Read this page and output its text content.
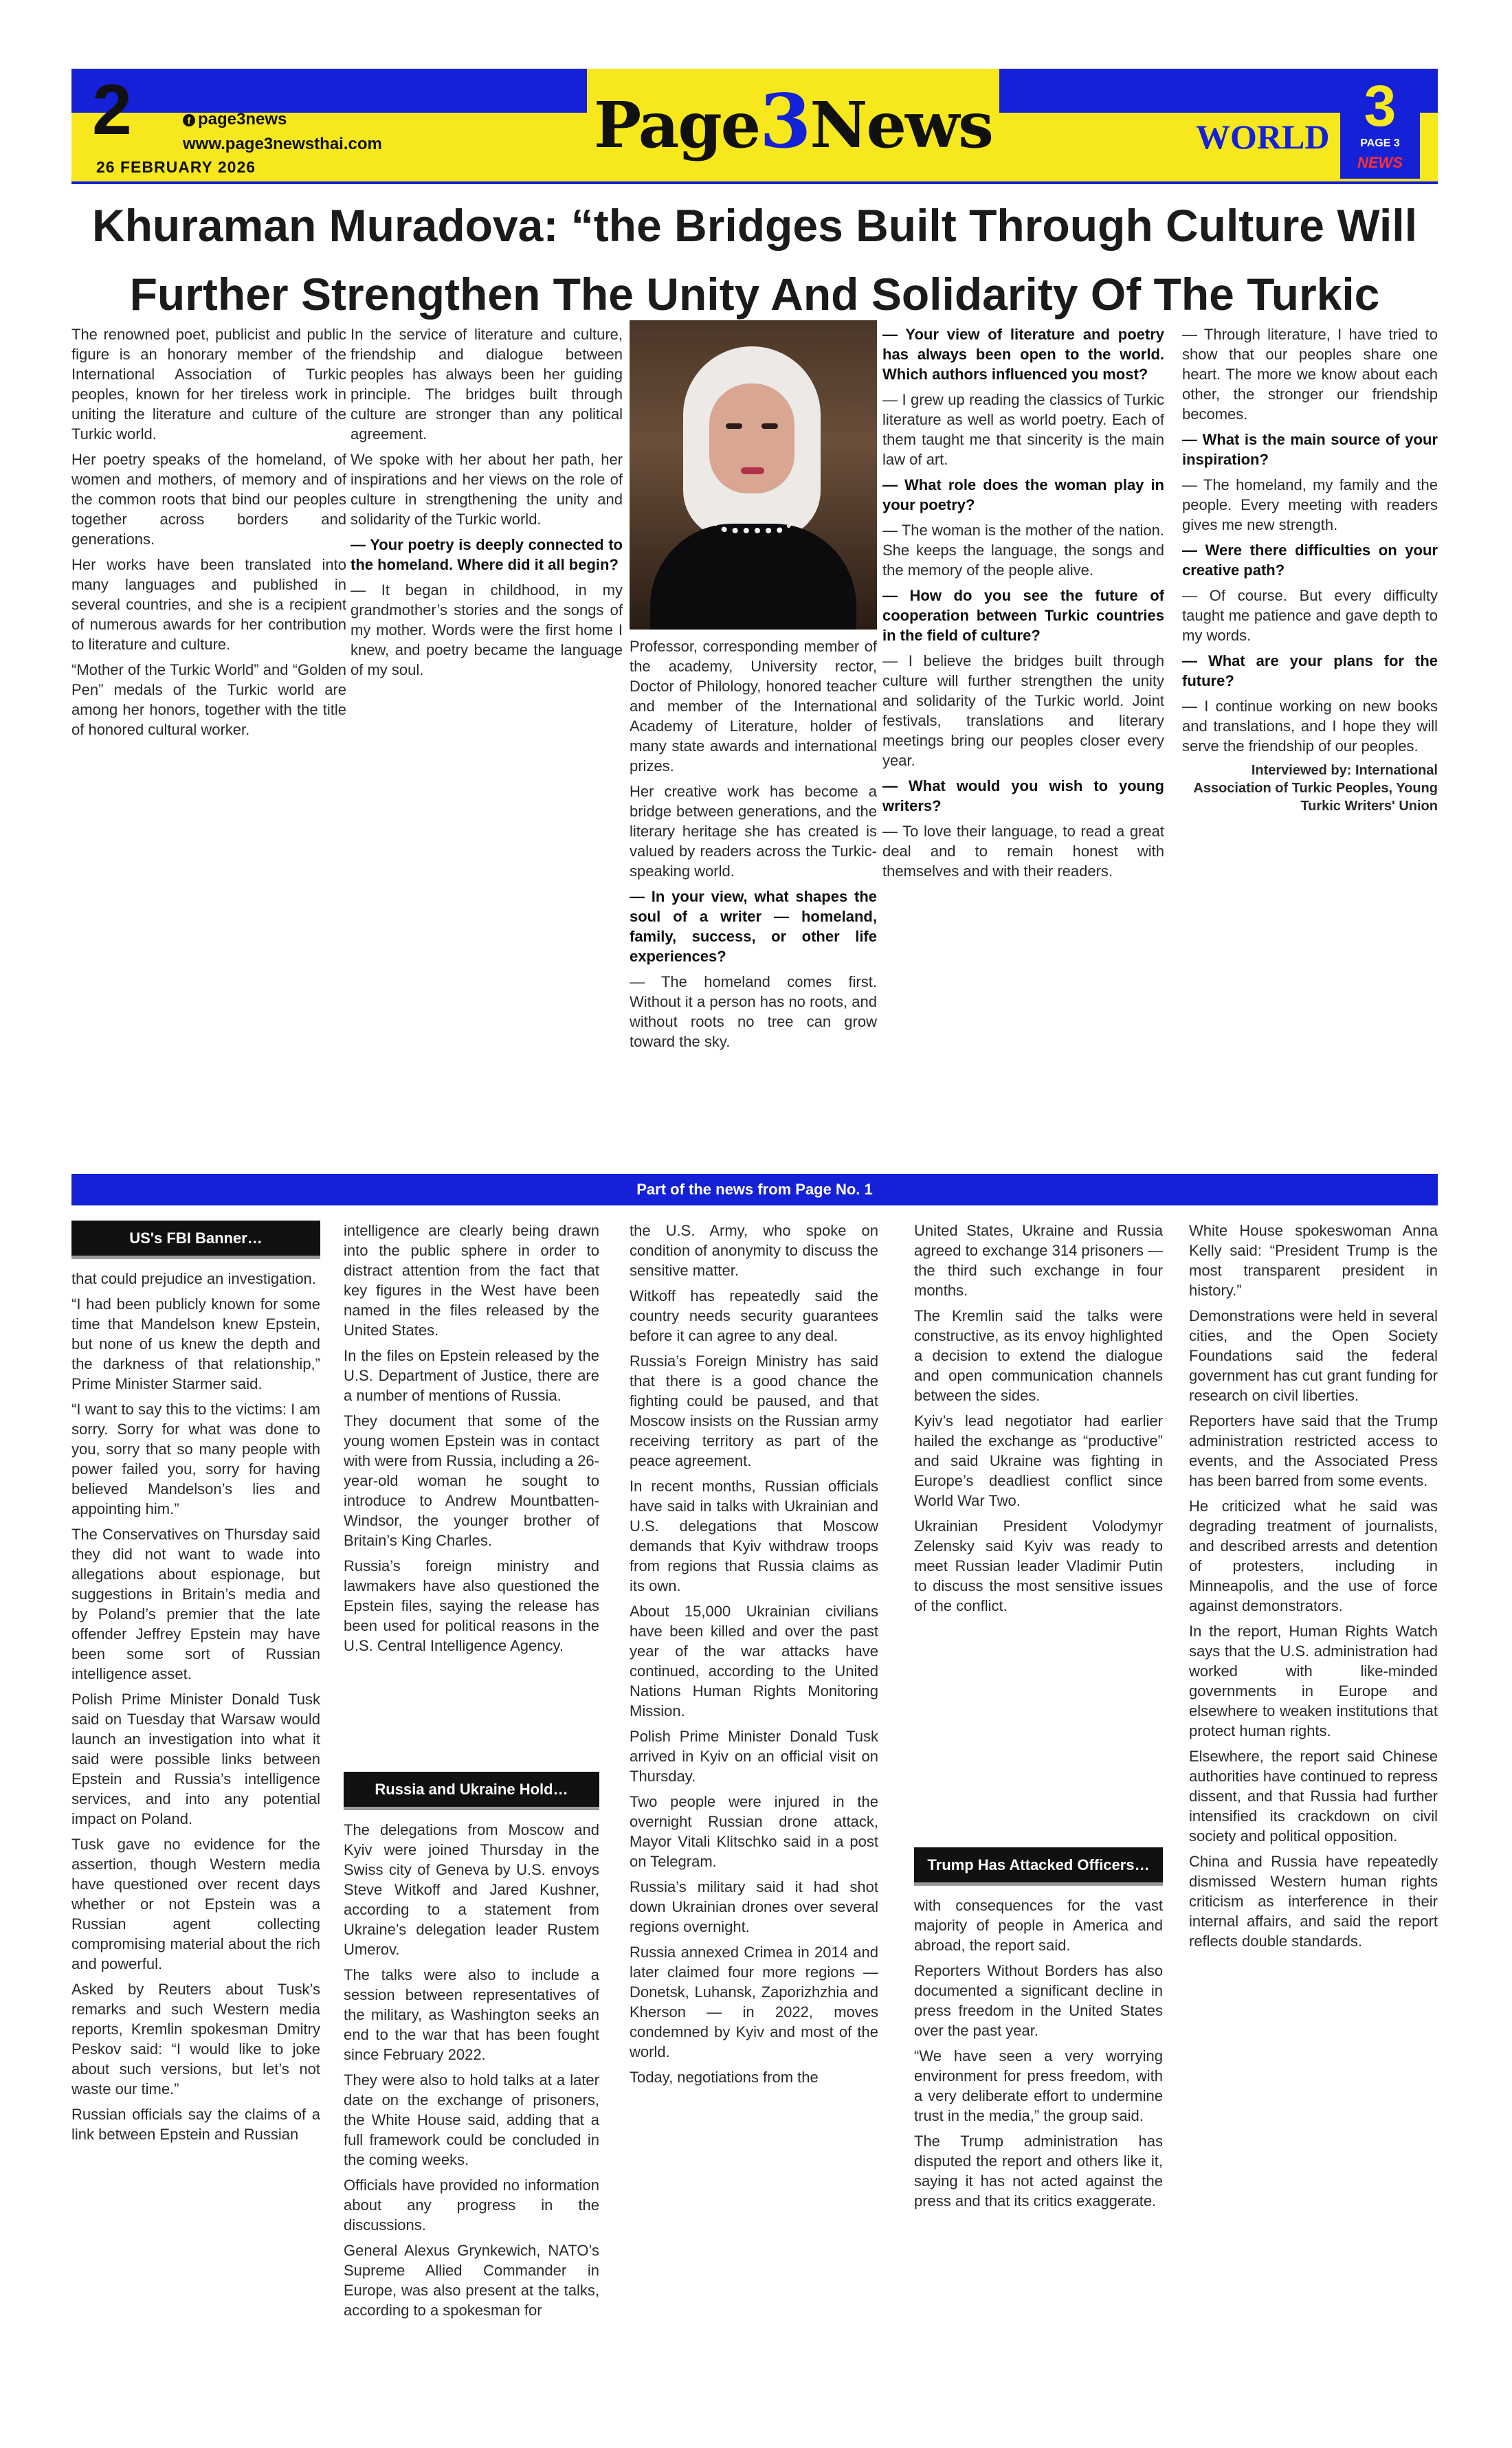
2	f page3news
www.page3newsthai.com
26 FEBRUARY 2026
Page3News	WORLD 3
PAGE 3
NEWS
Khuraman Muradova: “the Bridges Built Through Culture Will
Further Strengthen The Unity And Solidarity Of The Turkic

The renowned poet, publicist and public figure is an honorary member of the International Association of Turkic peoples, known for her tireless work in uniting the literature and culture of the Turkic world.

Her poetry speaks of the homeland, of women and mothers, of memory and of the common roots that bind our peoples together across borders and generations.

Her works have been translated into many languages and published in several countries, and she is a recipient of numerous awards for her contribution to literature and culture.

“Mother of the Turkic World” and “Golden Pen” medals of the Turkic world are among her honors, together with the title of honored cultural worker.

In the service of literature and culture, friendship and dialogue between peoples has always been her guiding principle. The bridges built through culture are stronger than any political agreement.

We spoke with her about her path, her inspirations and her views on the role of culture in strengthening the unity and solidarity of the Turkic world.

— Your poetry is deeply connected to the homeland. Where did it all begin?

— It began in childhood, in my grandmother’s stories and the songs of my mother. Words were the first home I knew, and poetry became the language of my soul.

Professor, corresponding member of the academy, University rector, Doctor of Philology, honored teacher and member of the International Academy of Literature, holder of many state awards and international prizes.

Her creative work has become a bridge between generations, and the literary heritage she has created is valued by readers across the Turkic-speaking world.

— In your view, what shapes the soul of a writer — homeland, family, success, or other life experiences?

— The homeland comes first. Without it a person has no roots, and without roots no tree can grow toward the sky.

— Your view of literature and poetry has always been open to the world. Which authors influenced you most?

— I grew up reading the classics of Turkic literature as well as world poetry. Each of them taught me that sincerity is the main law of art.

— What role does the woman play in your poetry?

— The woman is the mother of the nation. She keeps the language, the songs and the memory of the people alive.

— How do you see the future of cooperation between Turkic countries in the field of culture?

— I believe the bridges built through culture will further strengthen the unity and solidarity of the Turkic world. Joint festivals, translations and literary meetings bring our peoples closer every year.

— What would you wish to young writers?

— To love their language, to read a great deal and to remain honest with themselves and with their readers.

— Through literature, I have tried to show that our peoples share one heart. The more we know about each other, the stronger our friendship becomes.

— What is the main source of your inspiration?

— The homeland, my family and the people. Every meeting with readers gives me new strength.

— Were there difficulties on your creative path?

— Of course. But every difficulty taught me patience and gave depth to my words.

— What are your plans for the future?

— I continue working on new books and translations, and I hope they will serve the friendship of our peoples.

Interviewed by: International Association of Turkic Peoples, Young Turkic Writers' Union

Part of the news from Page No. 1
US's FBI Banner…

that could prejudice an investigation.

“I had been publicly known for some time that Mandelson knew Epstein, but none of us knew the depth and the darkness of that relationship,” Prime Minister Starmer said.

“I want to say this to the victims: I am sorry. Sorry for what was done to you, sorry that so many people with power failed you, sorry for having believed Mandelson’s lies and appointing him.”

The Conservatives on Thursday said they did not want to wade into allegations about espionage, but suggestions in Britain’s media and by Poland’s premier that the late offender Jeffrey Epstein may have been some sort of Russian intelligence asset.

Polish Prime Minister Donald Tusk said on Tuesday that Warsaw would launch an investigation into what it said were possible links between Epstein and Russia’s intelligence services, and into any potential impact on Poland.

Tusk gave no evidence for the assertion, though Western media have questioned over recent days whether or not Epstein was a Russian agent collecting compromising material about the rich and powerful.

Asked by Reuters about Tusk’s remarks and such Western media reports, Kremlin spokesman Dmitry Peskov said: “I would like to joke about such versions, but let’s not waste our time.”

Russian officials say the claims of a link between Epstein and Russian

intelligence are clearly being drawn into the public sphere in order to distract attention from the fact that key figures in the West have been named in the files released by the United States.

In the files on Epstein released by the U.S. Department of Justice, there are a number of mentions of Russia.

They document that some of the young women Epstein was in contact with were from Russia, including a 26-year-old woman he sought to introduce to Andrew Mountbatten-Windsor, the younger brother of Britain’s King Charles.

Russia’s foreign ministry and lawmakers have also questioned the Epstein files, saying the release has been used for political reasons in the U.S. Central Intelligence Agency.

Russia and Ukraine Hold…

The delegations from Moscow and Kyiv were joined Thursday in the Swiss city of Geneva by U.S. envoys Steve Witkoff and Jared Kushner, according to a statement from Ukraine’s delegation leader Rustem Umerov.

The talks were also to include a session between representatives of the military, as Washington seeks an end to the war that has been fought since February 2022.

They were also to hold talks at a later date on the exchange of prisoners, the White House said, adding that a full framework could be concluded in the coming weeks.

Officials have provided no information about any progress in the discussions.

General Alexus Grynkewich, NATO’s Supreme Allied Commander in Europe, was also present at the talks, according to a spokesman for

the U.S. Army, who spoke on condition of anonymity to discuss the sensitive matter.

Witkoff has repeatedly said the country needs security guarantees before it can agree to any deal.

Russia’s Foreign Ministry has said that there is a good chance the fighting could be paused, and that Moscow insists on the Russian army receiving territory as part of the peace agreement.

In recent months, Russian officials have said in talks with Ukrainian and U.S. delegations that Moscow demands that Kyiv withdraw troops from regions that Russia claims as its own.

About 15,000 Ukrainian civilians have been killed and over the past year of the war attacks have continued, according to the United Nations Human Rights Monitoring Mission.

Polish Prime Minister Donald Tusk arrived in Kyiv on an official visit on Thursday.

Two people were injured in the overnight Russian drone attack, Mayor Vitali Klitschko said in a post on Telegram.

Russia’s military said it had shot down Ukrainian drones over several regions overnight.

Russia annexed Crimea in 2014 and later claimed four more regions — Donetsk, Luhansk, Zaporizhzhia and Kherson — in 2022, moves condemned by Kyiv and most of the world.

Today, negotiations from the

United States, Ukraine and Russia agreed to exchange 314 prisoners — the third such exchange in four months.

The Kremlin said the talks were constructive, as its envoy highlighted a decision to extend the dialogue and open communication channels between the sides.

Kyiv’s lead negotiator had earlier hailed the exchange as “productive” and said Ukraine was fighting in Europe’s deadliest conflict since World War Two.

Ukrainian President Volodymyr Zelensky said Kyiv was ready to meet Russian leader Vladimir Putin to discuss the most sensitive issues of the conflict.

Trump Has Attacked Officers…

with consequences for the vast majority of people in America and abroad, the report said.

Reporters Without Borders has also documented a significant decline in press freedom in the United States over the past year.

“We have seen a very worrying environment for press freedom, with a very deliberate effort to undermine trust in the media,” the group said.

The Trump administration has disputed the report and others like it, saying it has not acted against the press and that its critics exaggerate.

White House spokeswoman Anna Kelly said: “President Trump is the most transparent president in history.”

Demonstrations were held in several cities, and the Open Society Foundations said the federal government has cut grant funding for research on civil liberties.

Reporters have said that the Trump administration restricted access to events, and the Associated Press has been barred from some events.

He criticized what he said was degrading treatment of journalists, and described arrests and detention of protesters, including in Minneapolis, and the use of force against demonstrators.

In the report, Human Rights Watch says that the U.S. administration had worked with like-minded governments in Europe and elsewhere to weaken institutions that protect human rights.

Elsewhere, the report said Chinese authorities have continued to repress dissent, and that Russia had further intensified its crackdown on civil society and political opposition.

China and Russia have repeatedly dismissed Western human rights criticism as interference in their internal affairs, and said the report reflects double standards.
